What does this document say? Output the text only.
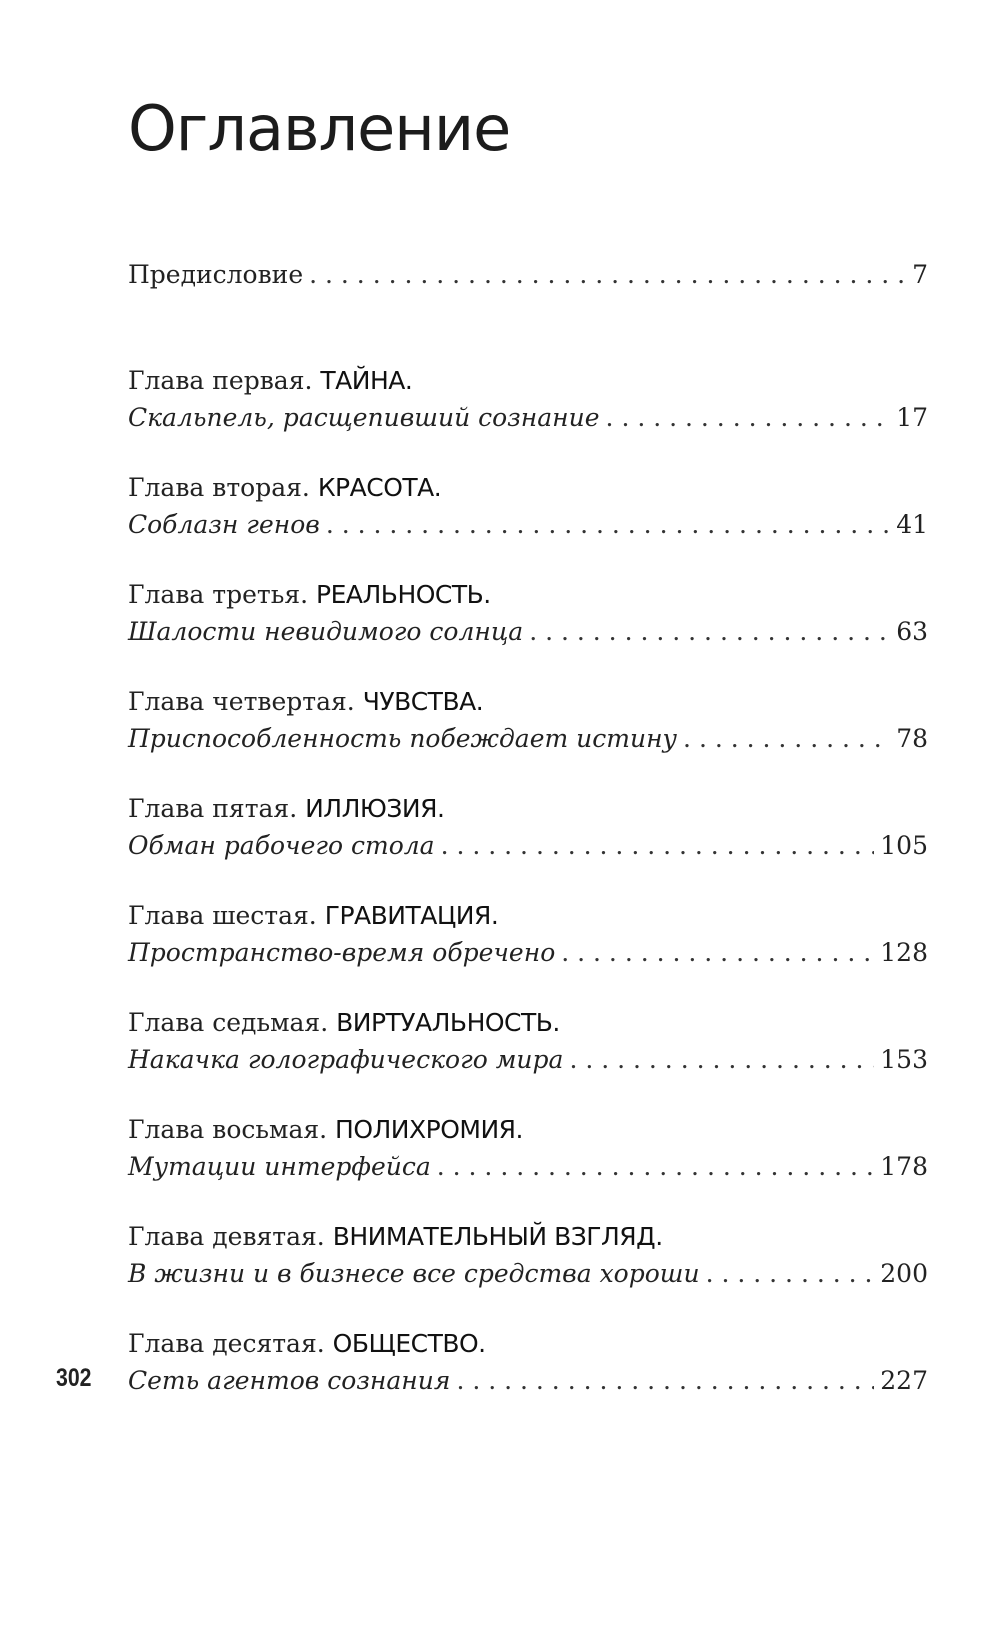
Оглавление
Предисловие . . .	7
Глава первая.
ТАЙНА.
Скальпель, расщепивший сознание . . .	17
Глава вторая.
КРАСОТА.
Соблазн генов . . .	41
Глава третья.
РЕАЛЬНОСТЬ.
Шалости невидимого солнца . . .	63
Глава четвертая.
ЧУВСТВА.
Приспособленность побеждает истину . . .	78
Глава пятая.
ИЛЛЮЗИЯ.
Обман рабочего стола . . .	105
Глава шестая.
ГРАВИТАЦИЯ.
Пространство-время обречено . . .	128
Глава седьмая.
ВИРТУАЛЬНОСТЬ.
Накачка голографического мира . . .	153
Глава восьмая.
ПОЛИХРОМИЯ.
Мутации интерфейса . . .	178
Глава девятая.
ВНИМАТЕЛЬНЫЙ ВЗГЛЯД.
В жизни и в бизнесе все средства хороши . . .	200
Глава десятая.
ОБЩЕСТВО.
Сеть агентов сознания . . .	227
302
